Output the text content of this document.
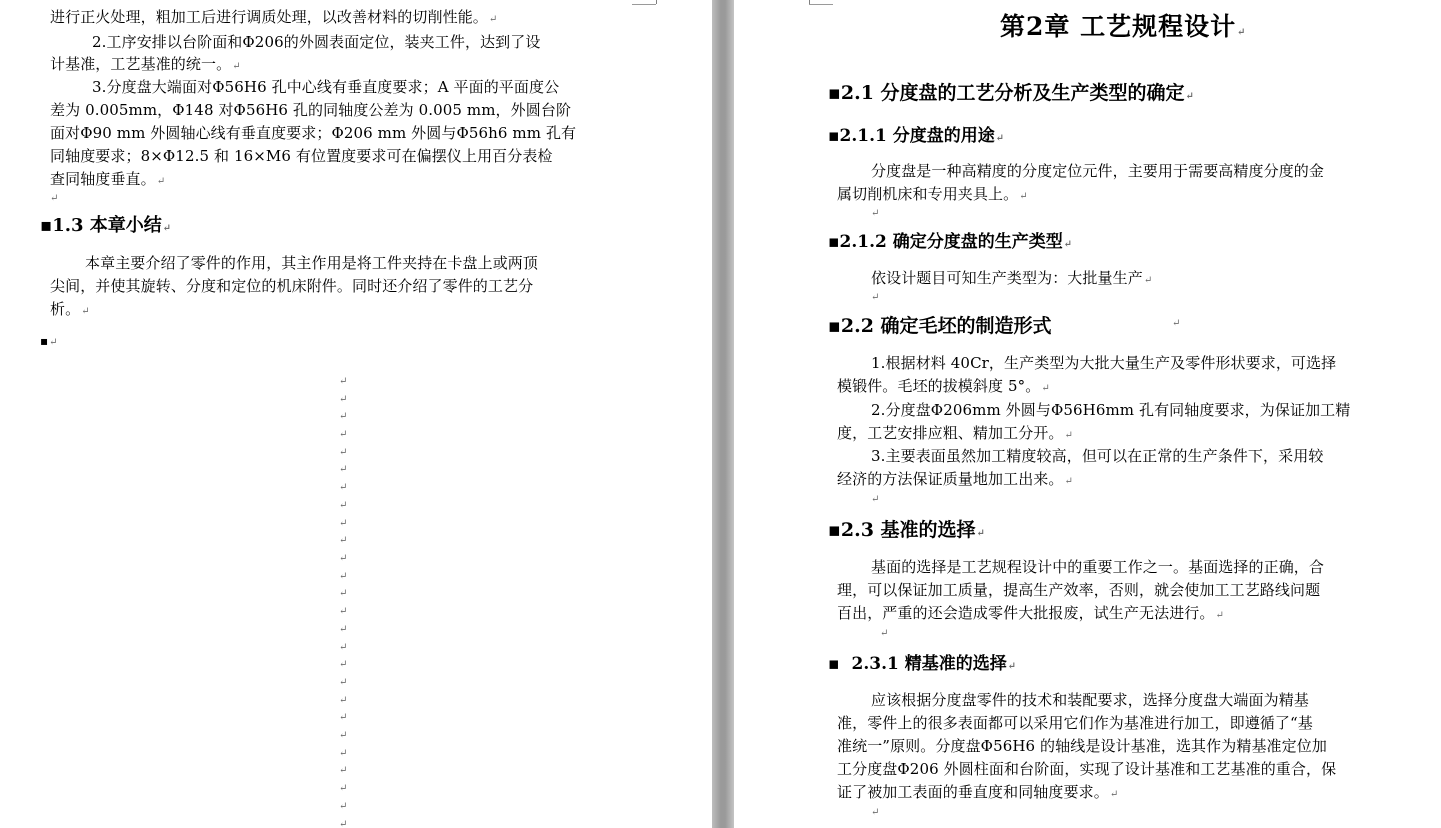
进行正火处理，粗加工后进行调质处理，以改善材料的切削性能。↵
2.工序安排以台阶面和Φ206的外圆表面定位，装夹工件，达到了设
计基准，工艺基准的统一。↵
3.分度盘大端面对Φ56H6 孔中心线有垂直度要求；A 平面的平面度公
差为 0.005mm，Φ148 对Φ56H6 孔的同轴度公差为 0.005 mm，外圆台阶
面对Φ90 mm 外圆轴心线有垂直度要求；Φ206 mm 外圆与Φ56h6 mm 孔有
同轴度要求；8×Φ12.5 和 16×M6 有位置度要求可在偏摆仪上用百分表检
查同轴度垂直。↵
↵
▪1.3 本章小结↵
本章主要介绍了零件的作用，其主作用是将工件夹持在卡盘上或两顶
尖间，并使其旋转、分度和定位的机床附件。同时还介绍了零件的工艺分
析。↵
▪↵
↵
↵
↵
↵
↵
↵
↵
↵
↵
↵
↵
↵
↵
↵
↵
↵
↵
↵
↵
↵
↵
↵
↵
↵
↵
↵
第2章 工艺规程设计↵
▪2.1 分度盘的工艺分析及生产类型的确定↵
▪2.1.1 分度盘的用途↵
分度盘是一种高精度的分度定位元件，主要用于需要高精度分度的金
属切削机床和专用夹具上。↵
↵
▪2.1.2 确定分度盘的生产类型↵
依设计题目可知生产类型为：大批量生产↵
↵
▪2.2 确定毛坯的制造形式	↵
1.根据材料 40Cr，生产类型为大批大量生产及零件形状要求，可选择
模锻件。毛坯的拔模斜度 5°。↵
2.分度盘Φ206mm 外圆与Φ56H6mm 孔有同轴度要求，为保证加工精
度，工艺安排应粗、精加工分开。↵
3.主要表面虽然加工精度较高，但可以在正常的生产条件下，采用较
经济的方法保证质量地加工出来。↵
↵
▪2.3 基准的选择↵
基面的选择是工艺规程设计中的重要工作之一。基面选择的正确，合
理，可以保证加工质量，提高生产效率，否则，就会使加工工艺路线问题
百出，严重的还会造成零件大批报废，试生产无法进行。↵
↵
▪ 2.3.1 精基准的选择↵
应该根据分度盘零件的技术和装配要求，选择分度盘大端面为精基
准，零件上的很多表面都可以采用它们作为基准进行加工，即遵循了“基
准统一”原则。分度盘Φ56H6 的轴线是设计基准，选其作为精基准定位加
工分度盘Φ206 外圆柱面和台阶面，实现了设计基准和工艺基准的重合，保
证了被加工表面的垂直度和同轴度要求。↵
↵
